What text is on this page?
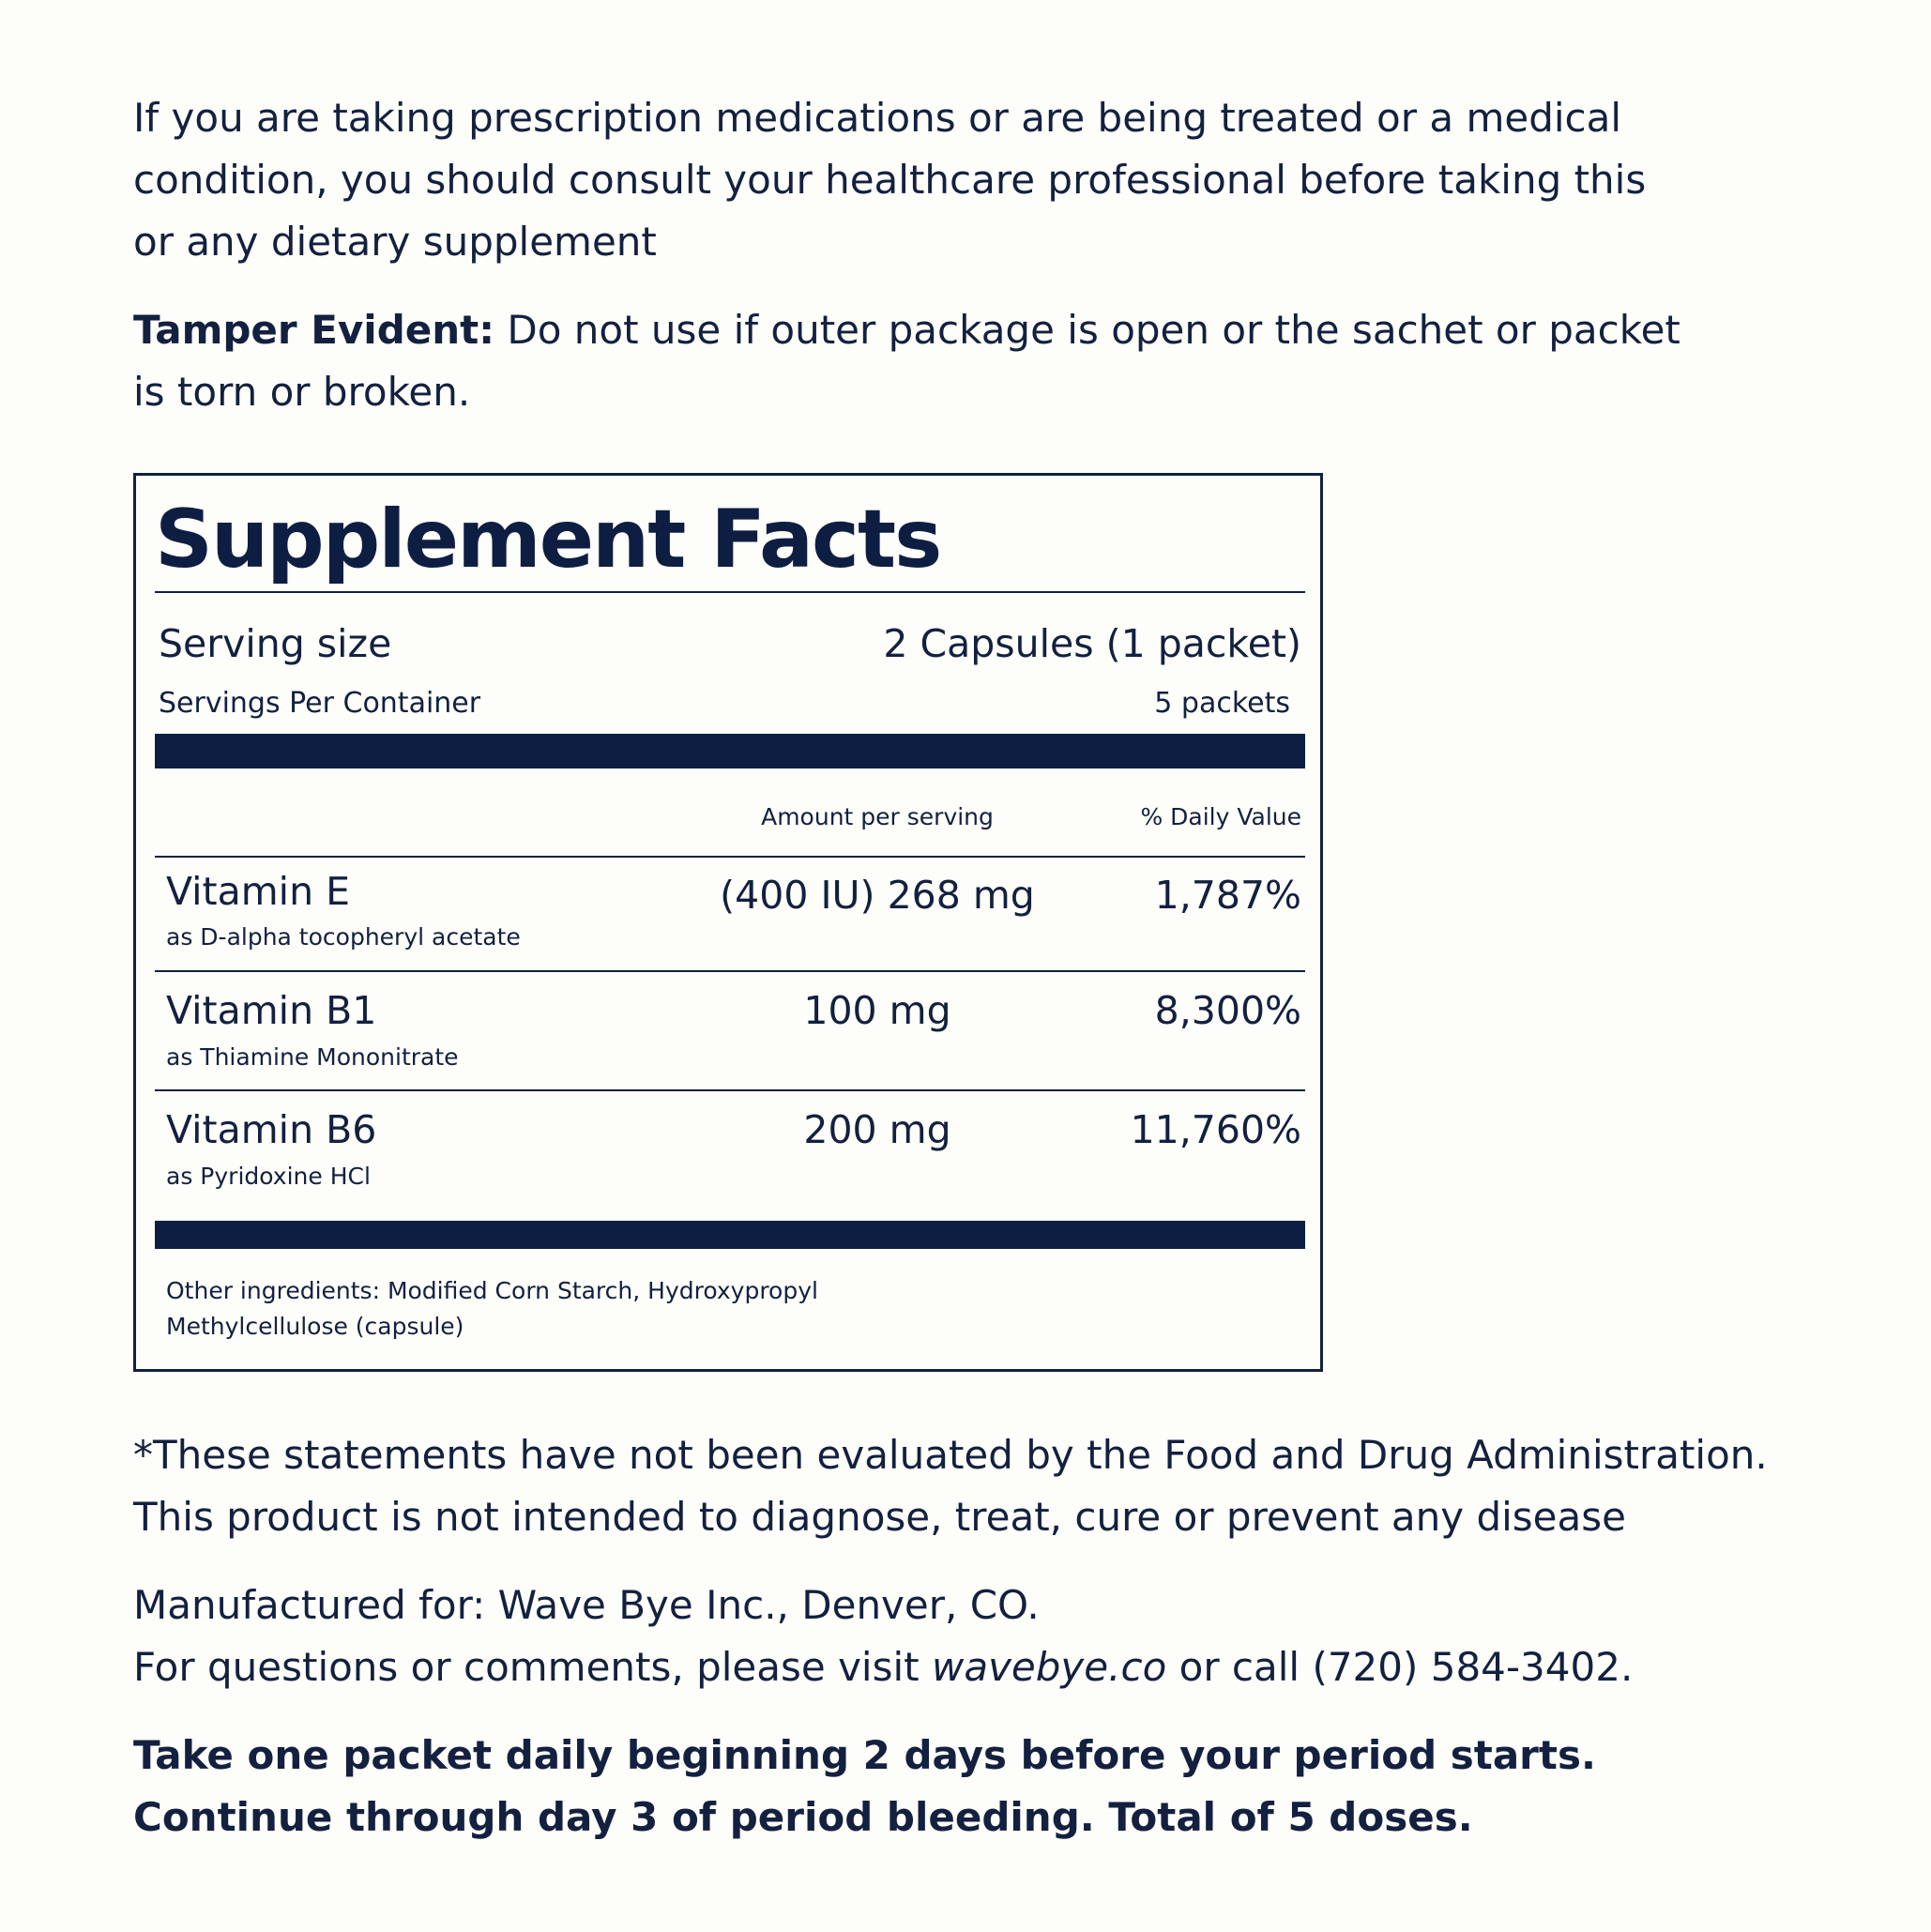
If you are taking prescription medications or are being treated or a medical

condition, you should consult your healthcare professional before taking this

or any dietary supplement

Tamper Evident: Do not use if outer package is open or the sachet or packet

is torn or broken.

Supplement Facts
Serving size	2 Capsules (1 packet)
Servings Per Container	5 packets
Amount per serving	% Daily Value
Vitamin E
as D-alpha tocopheryl acetate
(400 IU) 268 mg	1,787%
Vitamin B1
as Thiamine Mononitrate
100 mg	8,300%
Vitamin B6
as Pyridoxine HCl
200 mg	11,760%
Other ingredients: Modified Corn Starch, Hydroxypropyl
Methylcellulose (capsule)

*These statements have not been evaluated by the Food and Drug Administration.

This product is not intended to diagnose, treat, cure or prevent any disease

Manufactured for: Wave Bye Inc., Denver, CO.

For questions or comments, please visit wavebye.co or call (720) 584-3402.

Take one packet daily beginning 2 days before your period starts.

Continue through day 3 of period bleeding. Total of 5 doses.
